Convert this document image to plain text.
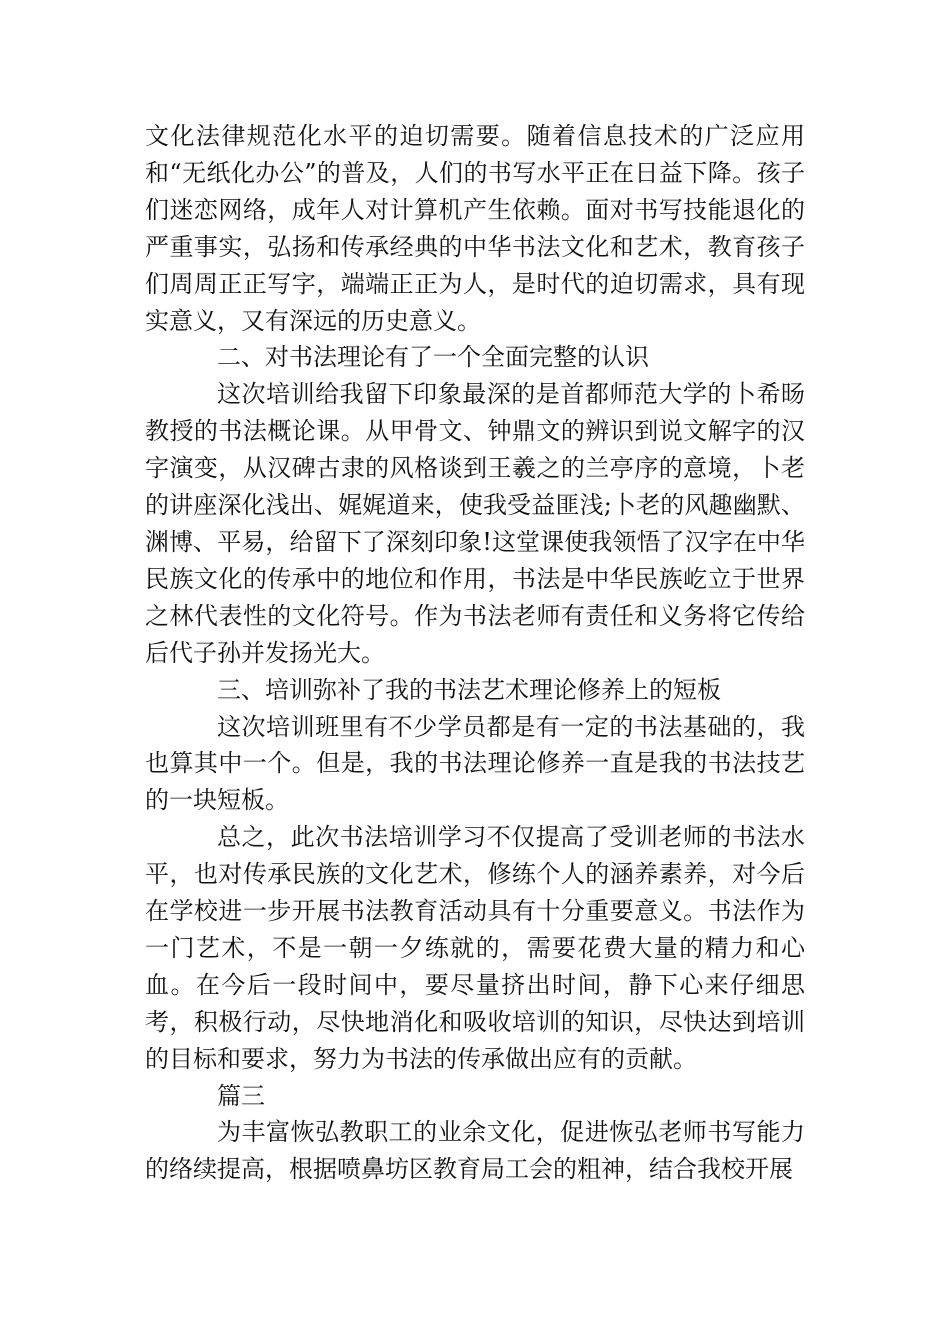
文化法律规范化水平的迫切需要。随着信息技术的广泛应用和“无纸化办公”的普及，人们的书写水平正在日益下降。孩子们迷恋网络，成年人对计算机产生依赖。面对书写技能退化的严重事实，弘扬和传承经典的中华书法文化和艺术，教育孩子们周周正正写字，端端正正为人，是时代的迫切需求，具有现实意义，又有深远的历史意义。

二、对书法理论有了一个全面完整的认识

这次培训给我留下印象最深的是首都师范大学的卜希旸教授的书法概论课。从甲骨文、钟鼎文的辨识到说文解字的汉字演变，从汉碑古隶的风格谈到王羲之的兰亭序的意境，卜老的讲座深化浅出、娓娓道来，使我受益匪浅;卜老的风趣幽默、渊博、平易，给留下了深刻印象!这堂课使我领悟了汉字在中华民族文化的传承中的地位和作用，书法是中华民族屹立于世界之林代表性的文化符号。作为书法老师有责任和义务将它传给后代子孙并发扬光大。

三、培训弥补了我的书法艺术理论修养上的短板

这次培训班里有不少学员都是有一定的书法基础的，我也算其中一个。但是，我的书法理论修养一直是我的书法技艺的一块短板。

总之，此次书法培训学习不仅提高了受训老师的书法水平，也对传承民族的文化艺术，修练个人的涵养素养，对今后在学校进一步开展书法教育活动具有十分重要意义。书法作为一门艺术，不是一朝一夕练就的，需要花费大量的精力和心血。在今后一段时间中，要尽量挤出时间，静下心来仔细思考，积极行动，尽快地消化和吸收培训的知识，尽快达到培训的目标和要求，努力为书法的传承做出应有的贡献。

篇三

为丰富恢弘教职工的业余文化，促进恢弘老师书写能力的络续提高，根据喷鼻坊区教育局工会的粗神，结合我校开展
